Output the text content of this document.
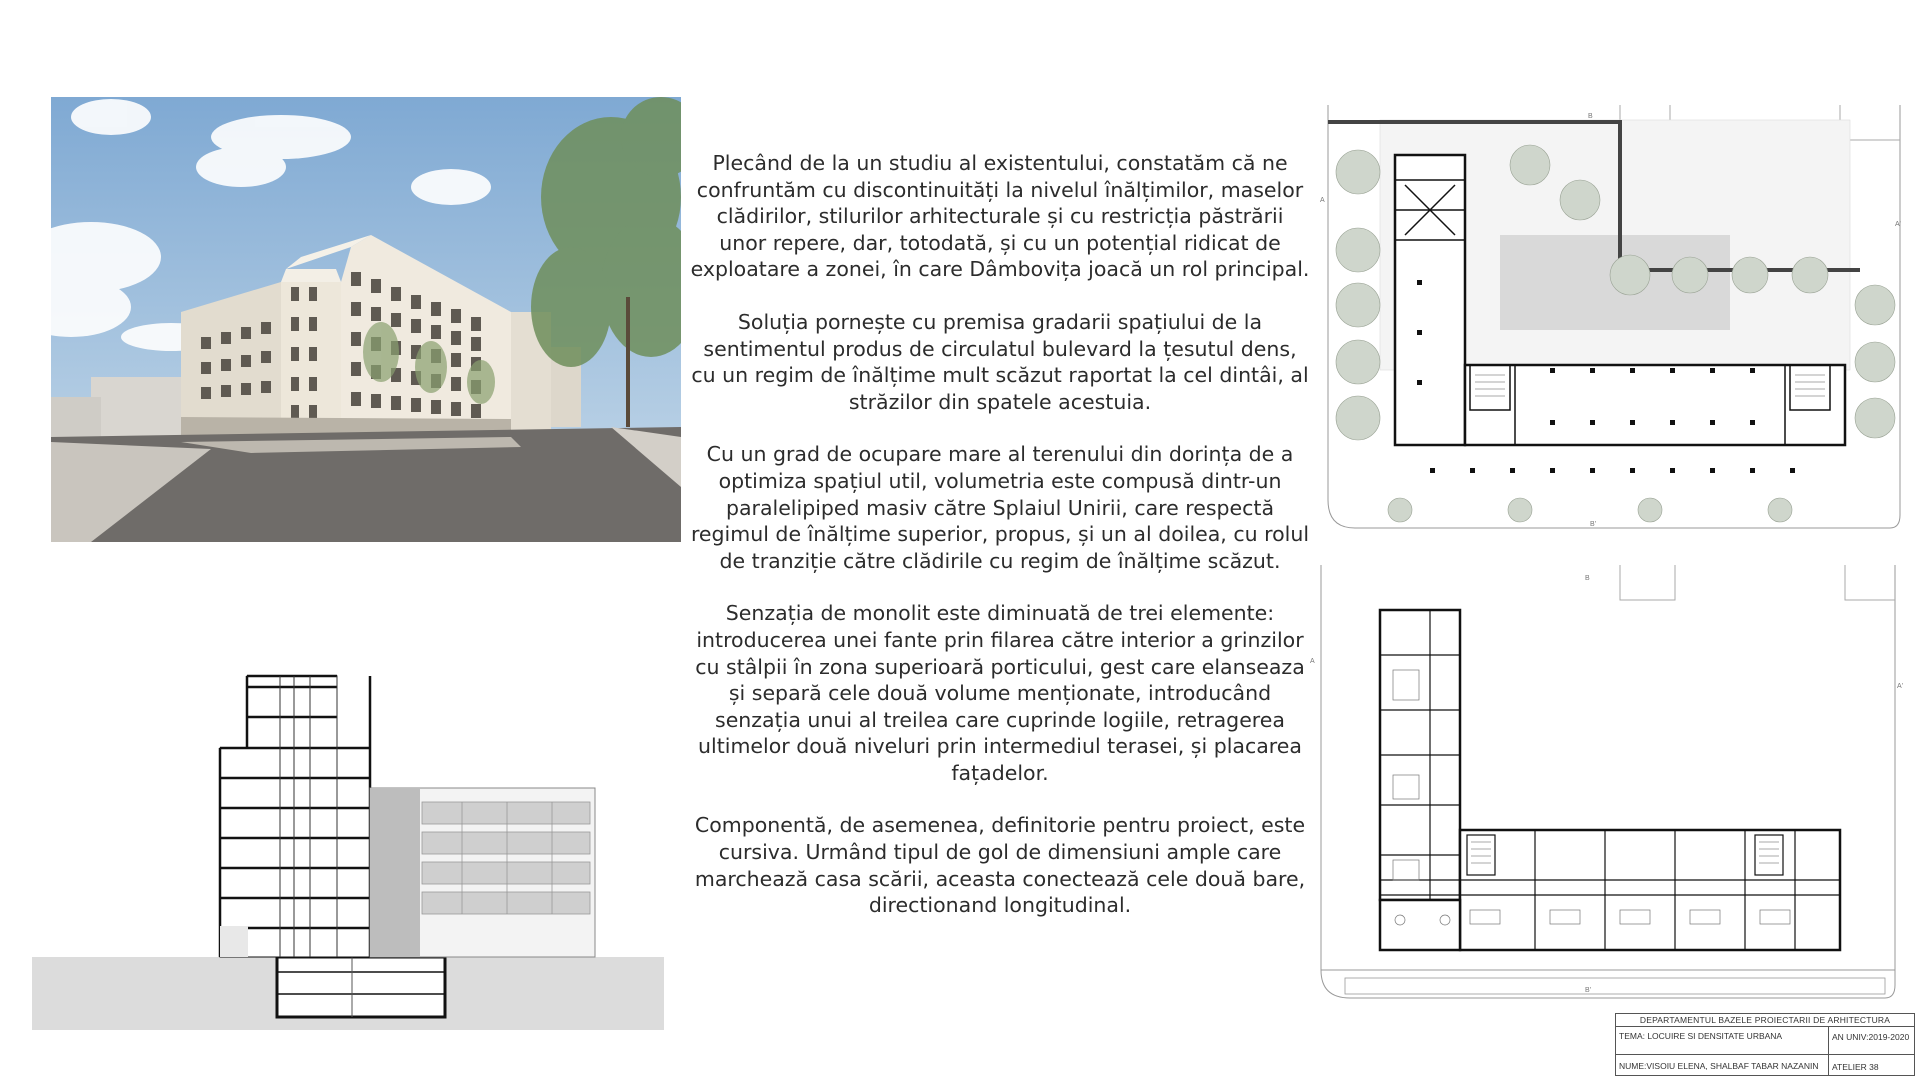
Plecând de la un studiu al existentului, constatăm că ne confruntăm cu discontinuități la nivelul înălțimilor, maselor clădirilor, stilurilor arhitecturale și cu restricția păstrării unor repere, dar, totodată, și cu un potențial ridicat de exploatare a zonei, în care Dâmbovița joacă un rol principal.

Soluția pornește cu premisa gradarii spațiului de la sentimentul produs de circulatul bulevard la țesutul dens, cu un regim de înălțime mult scăzut raportat la cel dintâi, al străzilor din spatele acestuia.

Cu un grad de ocupare mare al terenului din dorința de a optimiza spațiul util, volumetria este compusă dintr-un paralelipiped masiv către Splaiul Unirii, care respectă regimul de înălțime superior, propus, și un al doilea, cu rolul de tranziție către clădirile cu regim de înălțime scăzut.

Senzația de monolit este diminuată de trei elemente: introducerea unei fante prin filarea către interior a grinzilor cu stâlpii în zona superioară porticului, gest care elanseaza și separă cele două volume menționate, introducând senzația unui al treilea care cuprinde logiile, retragerea ultimelor două niveluri prin intermediul terasei, și placarea fațadelor.

Componentă, de asemenea, definitorie pentru proiect, este cursiva. Urmând tipul de gol de dimensiuni ample care marchează casa scării, aceasta conectează cele două bare, directionand longitudinal.

A
A'
B
B'
A
A'
B
B'
DEPARTAMENTUL BAZELE PROIECTARII DE ARHITECTURA
TEMA: LOCUIRE SI DENSITATE URBANA	AN UNIV:2019-2020
NUME:VISOIU ELENA, SHALBAF TABAR NAZANIN ATELIER 38
